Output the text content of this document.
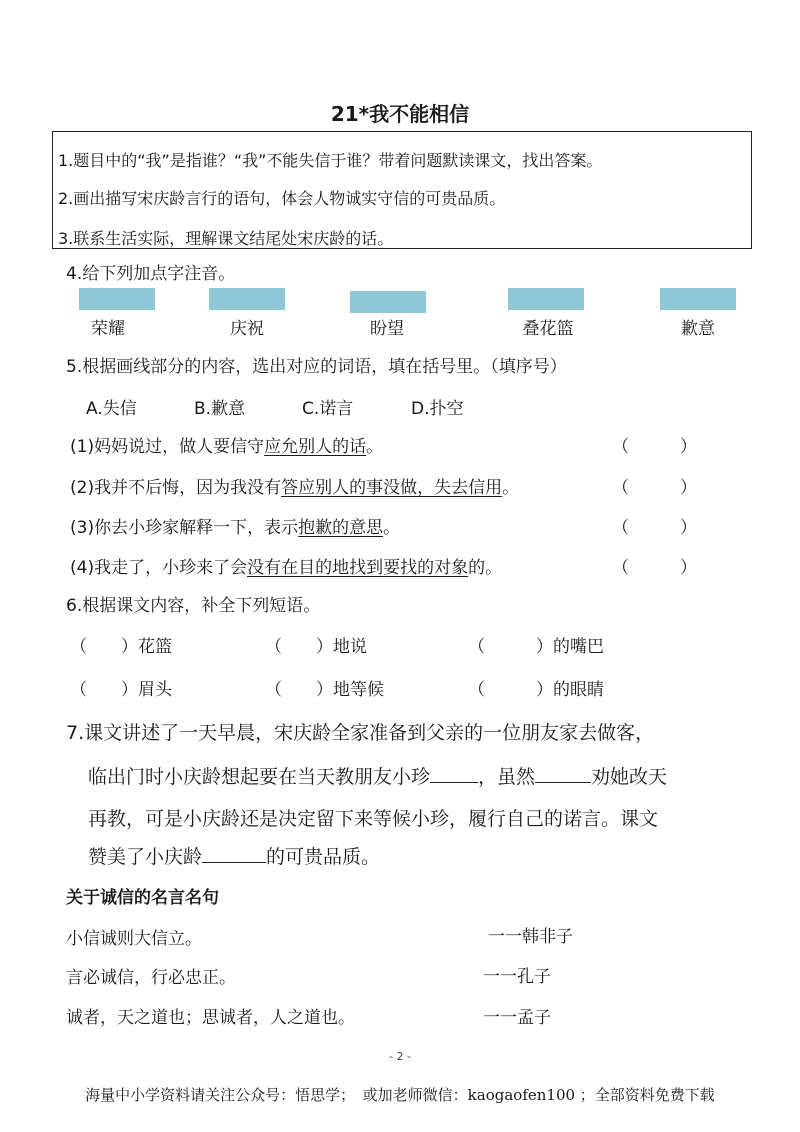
21*我不能相信
1.题目中的“我”是指谁？“我”不能失信于谁？带着问题默读课文，找出答案。
2.画出描写宋庆龄言行的语句，体会人物诚实守信的可贵品质。
3.联系生活实际，理解课文结尾处宋庆龄的话。
4.给下列加点字注音。
荣耀	庆祝	盼望	叠花篮	歉意
5.根据画线部分的内容，选出对应的词语，填在括号里。（填序号）
A.失信	B.歉意	C.诺言	D.扑空
(1)妈妈说过，做人要信守应允别人的话。	（　　　）
(2)我并不后悔，因为我没有答应别人的事没做，失去信用。	（　　　）
(3)你去小珍家解释一下，表示抱歉的意思。	（　　　）
(4)我走了，小珍来了会没有在目的地找到要找的对象的。	（　　　）
6.根据课文内容，补全下列短语。
（　　）花篮	（　　）地说	（　　　）的嘴巴
（　　）眉头	（　　）地等候	（　　　）的眼睛
7.课文讲述了一天早晨，宋庆龄全家准备到父亲的一位朋友家去做客，
临出门时小庆龄想起要在当天教朋友小珍	，虽然	劝她改天
再教，可是小庆龄还是决定留下来等候小珍，履行自己的诺言。课文
赞美了小庆龄	的可贵品质。
关于诚信的名言名句
小信诚则大信立。	一一韩非子
言必诚信，行必忠正。	一一孔子
诚者，天之道也；思诚者，人之道也。	一一孟子
- 2 -
海量中小学资料请关注公众号：悟思学；　或加老师微信：kaogaofen100 ；全部资料免费下载
